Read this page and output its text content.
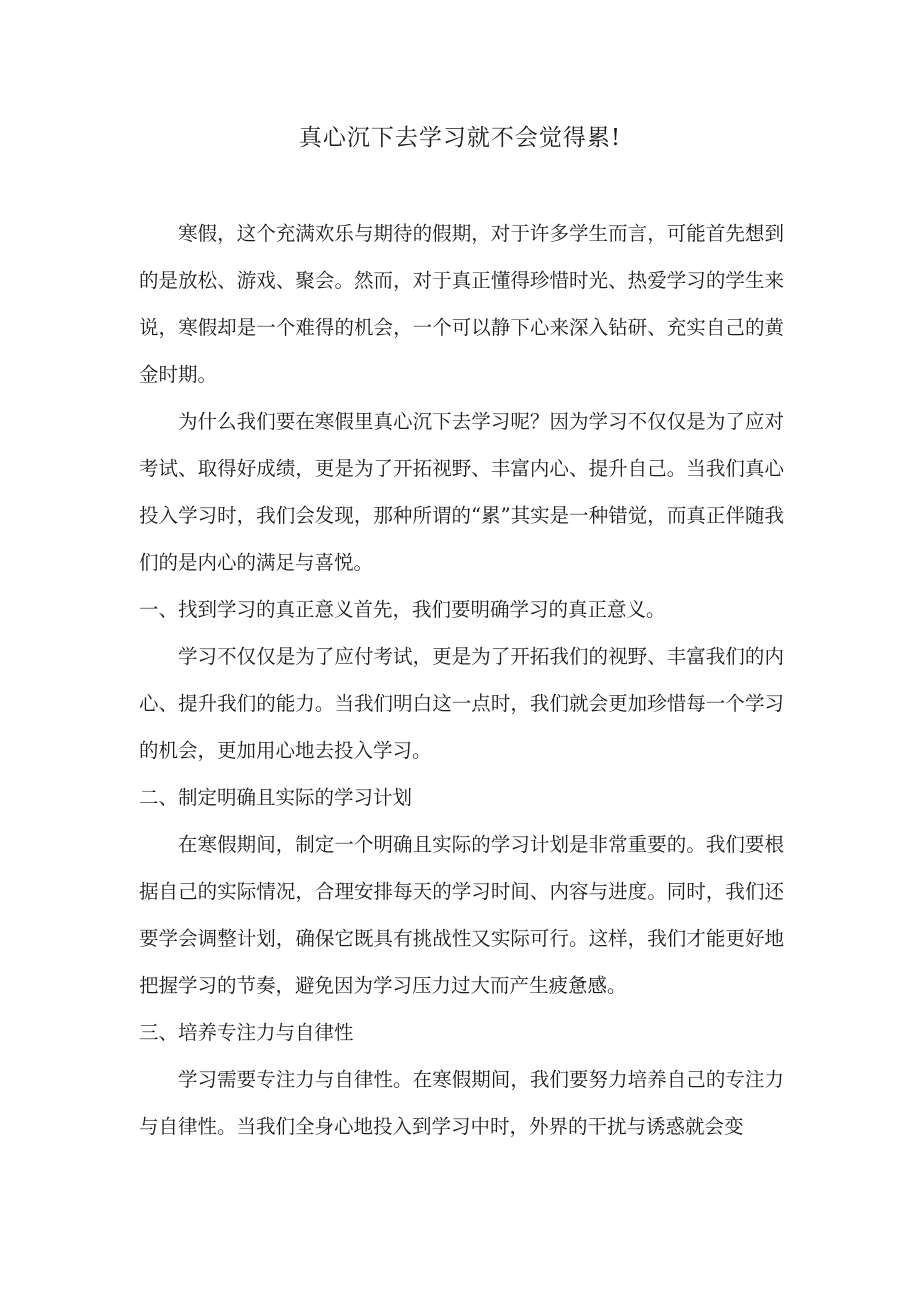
真心沉下去学习就不会觉得累!

寒假，这个充满欢乐与期待的假期，对于许多学生而言，可能首先想到的是放松、游戏、聚会。然而，对于真正懂得珍惜时光、热爱学习的学生来说，寒假却是一个难得的机会，一个可以静下心来深入钻研、充实自己的黄金时期。

为什么我们要在寒假里真心沉下去学习呢？因为学习不仅仅是为了应对考试、取得好成绩，更是为了开拓视野、丰富内心、提升自己。当我们真心投入学习时，我们会发现，那种所谓的“累”其实是一种错觉，而真正伴随我们的是内心的满足与喜悦。

一、找到学习的真正意义首先，我们要明确学习的真正意义。

学习不仅仅是为了应付考试，更是为了开拓我们的视野、丰富我们的内心、提升我们的能力。当我们明白这一点时，我们就会更加珍惜每一个学习的机会，更加用心地去投入学习。

二、制定明确且实际的学习计划

在寒假期间，制定一个明确且实际的学习计划是非常重要的。我们要根据自己的实际情况，合理安排每天的学习时间、内容与进度。同时，我们还要学会调整计划，确保它既具有挑战性又实际可行。这样，我们才能更好地把握学习的节奏，避免因为学习压力过大而产生疲惫感。

三、培养专注力与自律性

学习需要专注力与自律性。在寒假期间，我们要努力培养自己的专注力与自律性。当我们全身心地投入到学习中时，外界的干扰与诱惑就会变
